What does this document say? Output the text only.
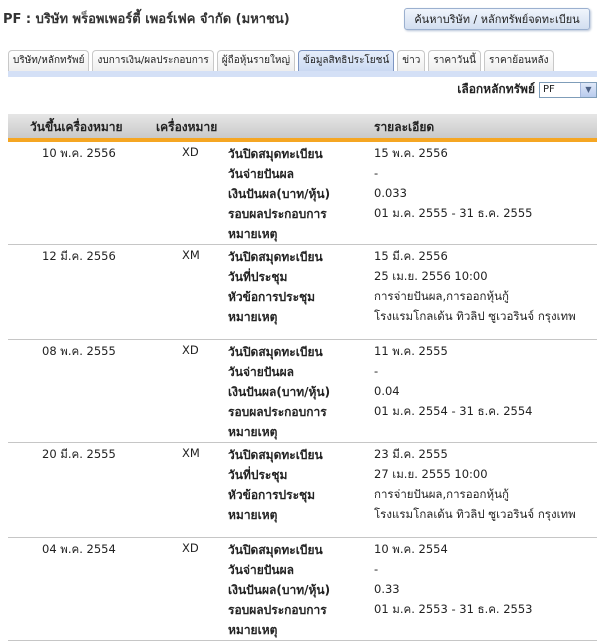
PF : บริษัท พร็อพเพอร์ตี้ เพอร์เฟค จำกัด (มหาชน)	ค้นหาบริษัท / หลักทรัพย์จดทะเบียน
บริษัท/หลักทรัพย์	งบการเงิน/ผลประกอบการ	ผู้ถือหุ้นรายใหญ่	ข้อมูลสิทธิประโยชน์	ข่าว	ราคาวันนี้	ราคาย้อนหลัง
เลือกหลักทรัพย์ PF	▼
วันขึ้นเครื่องหมาย	เครื่องหมาย	รายละเอียด
10 พ.ค. 2556	XD วันปิดสมุดทะเบียน	15 พ.ค. 2556
วันจ่ายปันผล	-
เงินปันผล(บาท/หุ้น)	0.033
รอบผลประกอบการ	01 ม.ค. 2555 - 31 ธ.ค. 2555
หมายเหตุ
12 มี.ค. 2556	XM วันปิดสมุดทะเบียน	15 มี.ค. 2556
วันที่ประชุม	25 เม.ย. 2556 10:00
หัวข้อการประชุม	การจ่ายปันผล,การออกหุ้นกู้
หมายเหตุ	โรงแรมโกลเด้น ทิวลิป ซูเวอรินจ์ กรุงเทพ
08 พ.ค. 2555	XD วันปิดสมุดทะเบียน	11 พ.ค. 2555
วันจ่ายปันผล	-
เงินปันผล(บาท/หุ้น)	0.04
รอบผลประกอบการ	01 ม.ค. 2554 - 31 ธ.ค. 2554
หมายเหตุ
20 มี.ค. 2555	XM วันปิดสมุดทะเบียน	23 มี.ค. 2555
วันที่ประชุม	27 เม.ย. 2555 10:00
หัวข้อการประชุม	การจ่ายปันผล,การออกหุ้นกู้
หมายเหตุ	โรงแรมโกลเด้น ทิวลิป ซูเวอรินจ์ กรุงเทพ
04 พ.ค. 2554	XD วันปิดสมุดทะเบียน	10 พ.ค. 2554
วันจ่ายปันผล	-
เงินปันผล(บาท/หุ้น)	0.33
รอบผลประกอบการ	01 ม.ค. 2553 - 31 ธ.ค. 2553
หมายเหตุ
